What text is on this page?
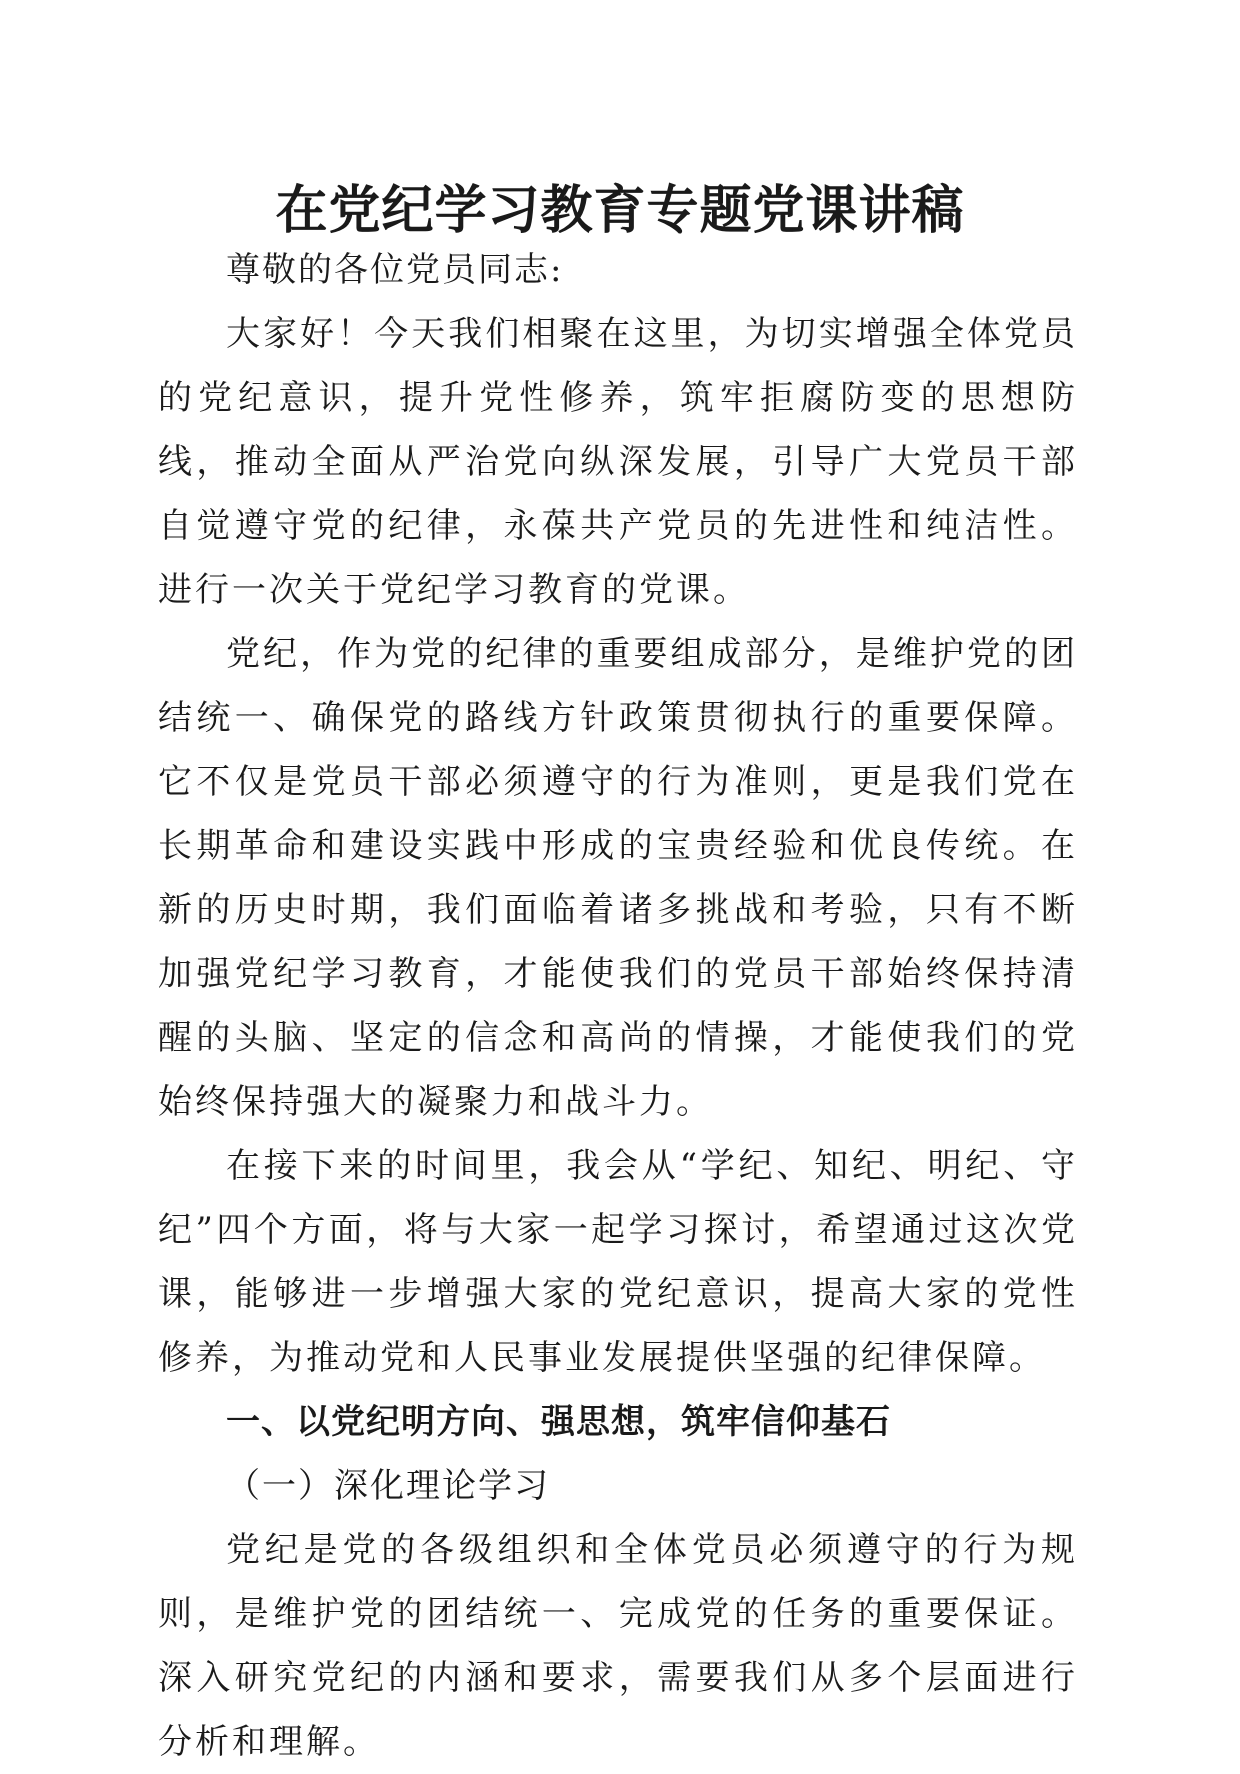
在党纪学习教育专题党课讲稿

尊敬的各位党员同志:

大家好！今天我们相聚在这里，为切实增强全体党员的党纪意识，提升党性修养，筑牢拒腐防变的思想防线，推动全面从严治党向纵深发展，引导广大党员干部自觉遵守党的纪律，永葆共产党员的先进性和纯洁性。进行一次关于党纪学习教育的党课。

党纪，作为党的纪律的重要组成部分，是维护党的团结统一、确保党的路线方针政策贯彻执行的重要保障。它不仅是党员干部必须遵守的行为准则，更是我们党在长期革命和建设实践中形成的宝贵经验和优良传统。在新的历史时期，我们面临着诸多挑战和考验，只有不断加强党纪学习教育，才能使我们的党员干部始终保持清醒的头脑、坚定的信念和高尚的情操，才能使我们的党始终保持强大的凝聚力和战斗力。

在接下来的时间里，我会从“学纪、知纪、明纪、守纪”四个方面，将与大家一起学习探讨，希望通过这次党课，能够进一步增强大家的党纪意识，提高大家的党性修养，为推动党和人民事业发展提供坚强的纪律保障。

一、以党纪明方向、强思想，筑牢信仰基石

（一）深化理论学习

党纪是党的各级组织和全体党员必须遵守的行为规则，是维护党的团结统一、完成党的任务的重要保证。深入研究党纪的内涵和要求，需要我们从多个层面进行分析和理解。
